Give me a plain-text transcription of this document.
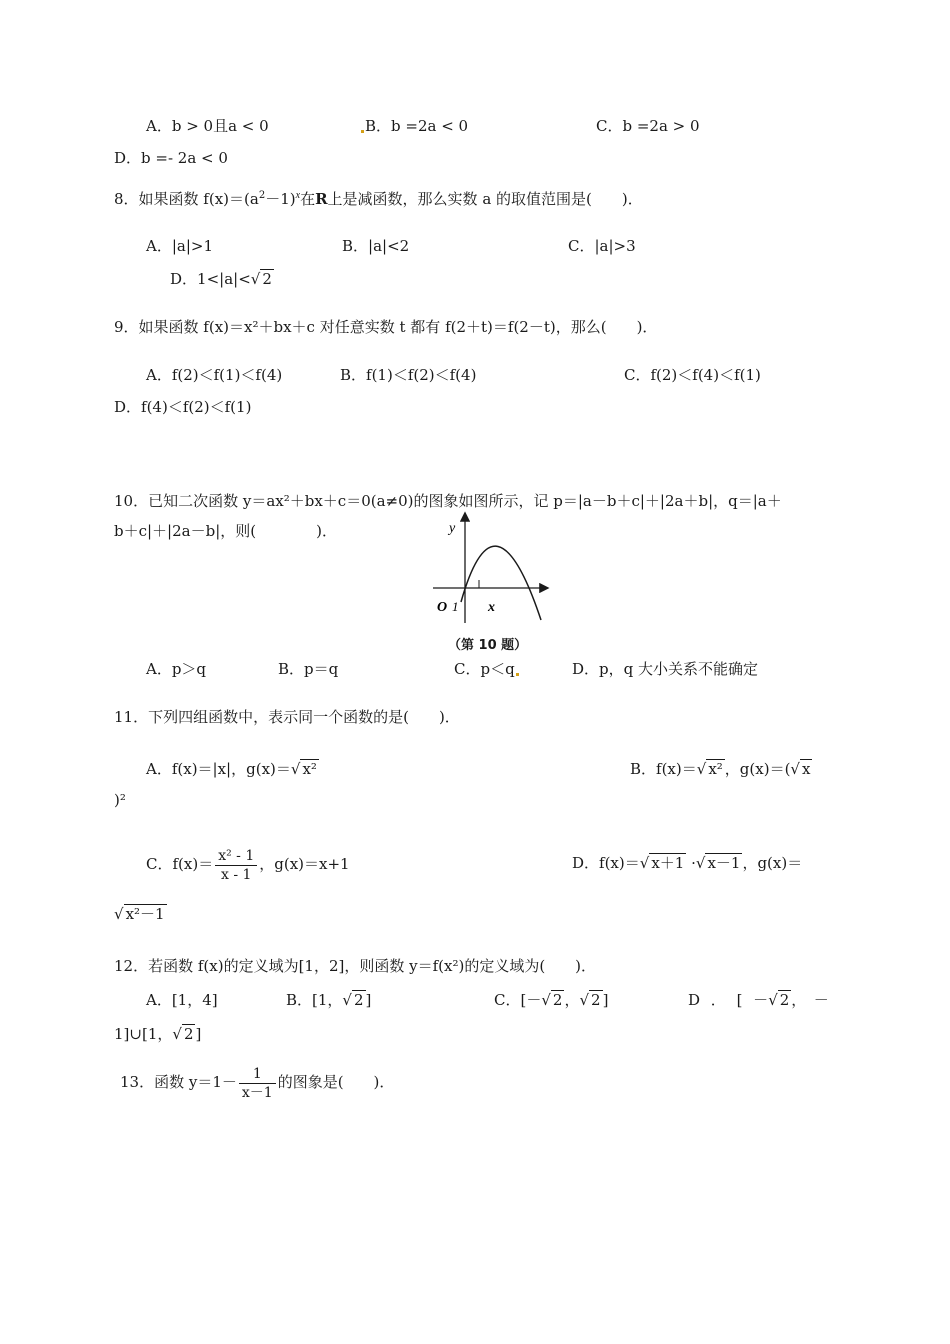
A．b > 0且a < 0	B．b =2a < 0	C．b =2a > 0
D．b =- 2a < 0
8．如果函数 $f(x)=(a^2-1)^x$在R上是减函数，那么实数 a 的取值范围是(　　)．
A．|a|>1	B．|a|<2	C．|a|>3
D．1<|a|<√ 2
9．如果函数 f(x)＝x²＋bx＋c 对任意实数 t 都有 f(2＋t)＝f(2－t)，那么(　　)．
A．f(2)＜f(1)＜f(4)	B．f(1)＜f(2)＜f(4)	C．f(2)＜f(4)＜f(1)
D．f(4)＜f(2)＜f(1)
10．已知二次函数 y＝ax²＋bx＋c＝0(a≠0)的图象如图所示，记 p＝|a－b＋c|＋|2a＋b|，q＝|a＋
b＋c|＋|2a－b|，则(　　　　)．	y
O 1 x
（第 10 题）
A．p＞q	B．p＝q	C．p＜q	D．p，q 大小关系不能确定
11．下列四组函数中，表示同一个函数的是(　　)．
A．f(x)＝|x|，g(x)＝√ x²	B．f(x)＝√ x² ，g(x)＝(√ x
)²
C．$f(x)= \frac{\text{x² - 1}}{x - 1}$ ，g(x)＝x+1	D．f(x)＝√ x＋1 ·√ x－1 ，g(x)＝
√ x²－1
12．若函数 f(x)的定义域为[1，2]，则函数 y＝f(x²)的定义域为(　　)．
A．[1，4]	B．[1，√ 2 ]	C．[－√ 2 ，√ 2 ]	D ． [ －√ 2 ，　－
1]∪[1，√ 2 ]
13．函数 $y=1- \frac{1}{x-1}$ 的图象是(　　)．
